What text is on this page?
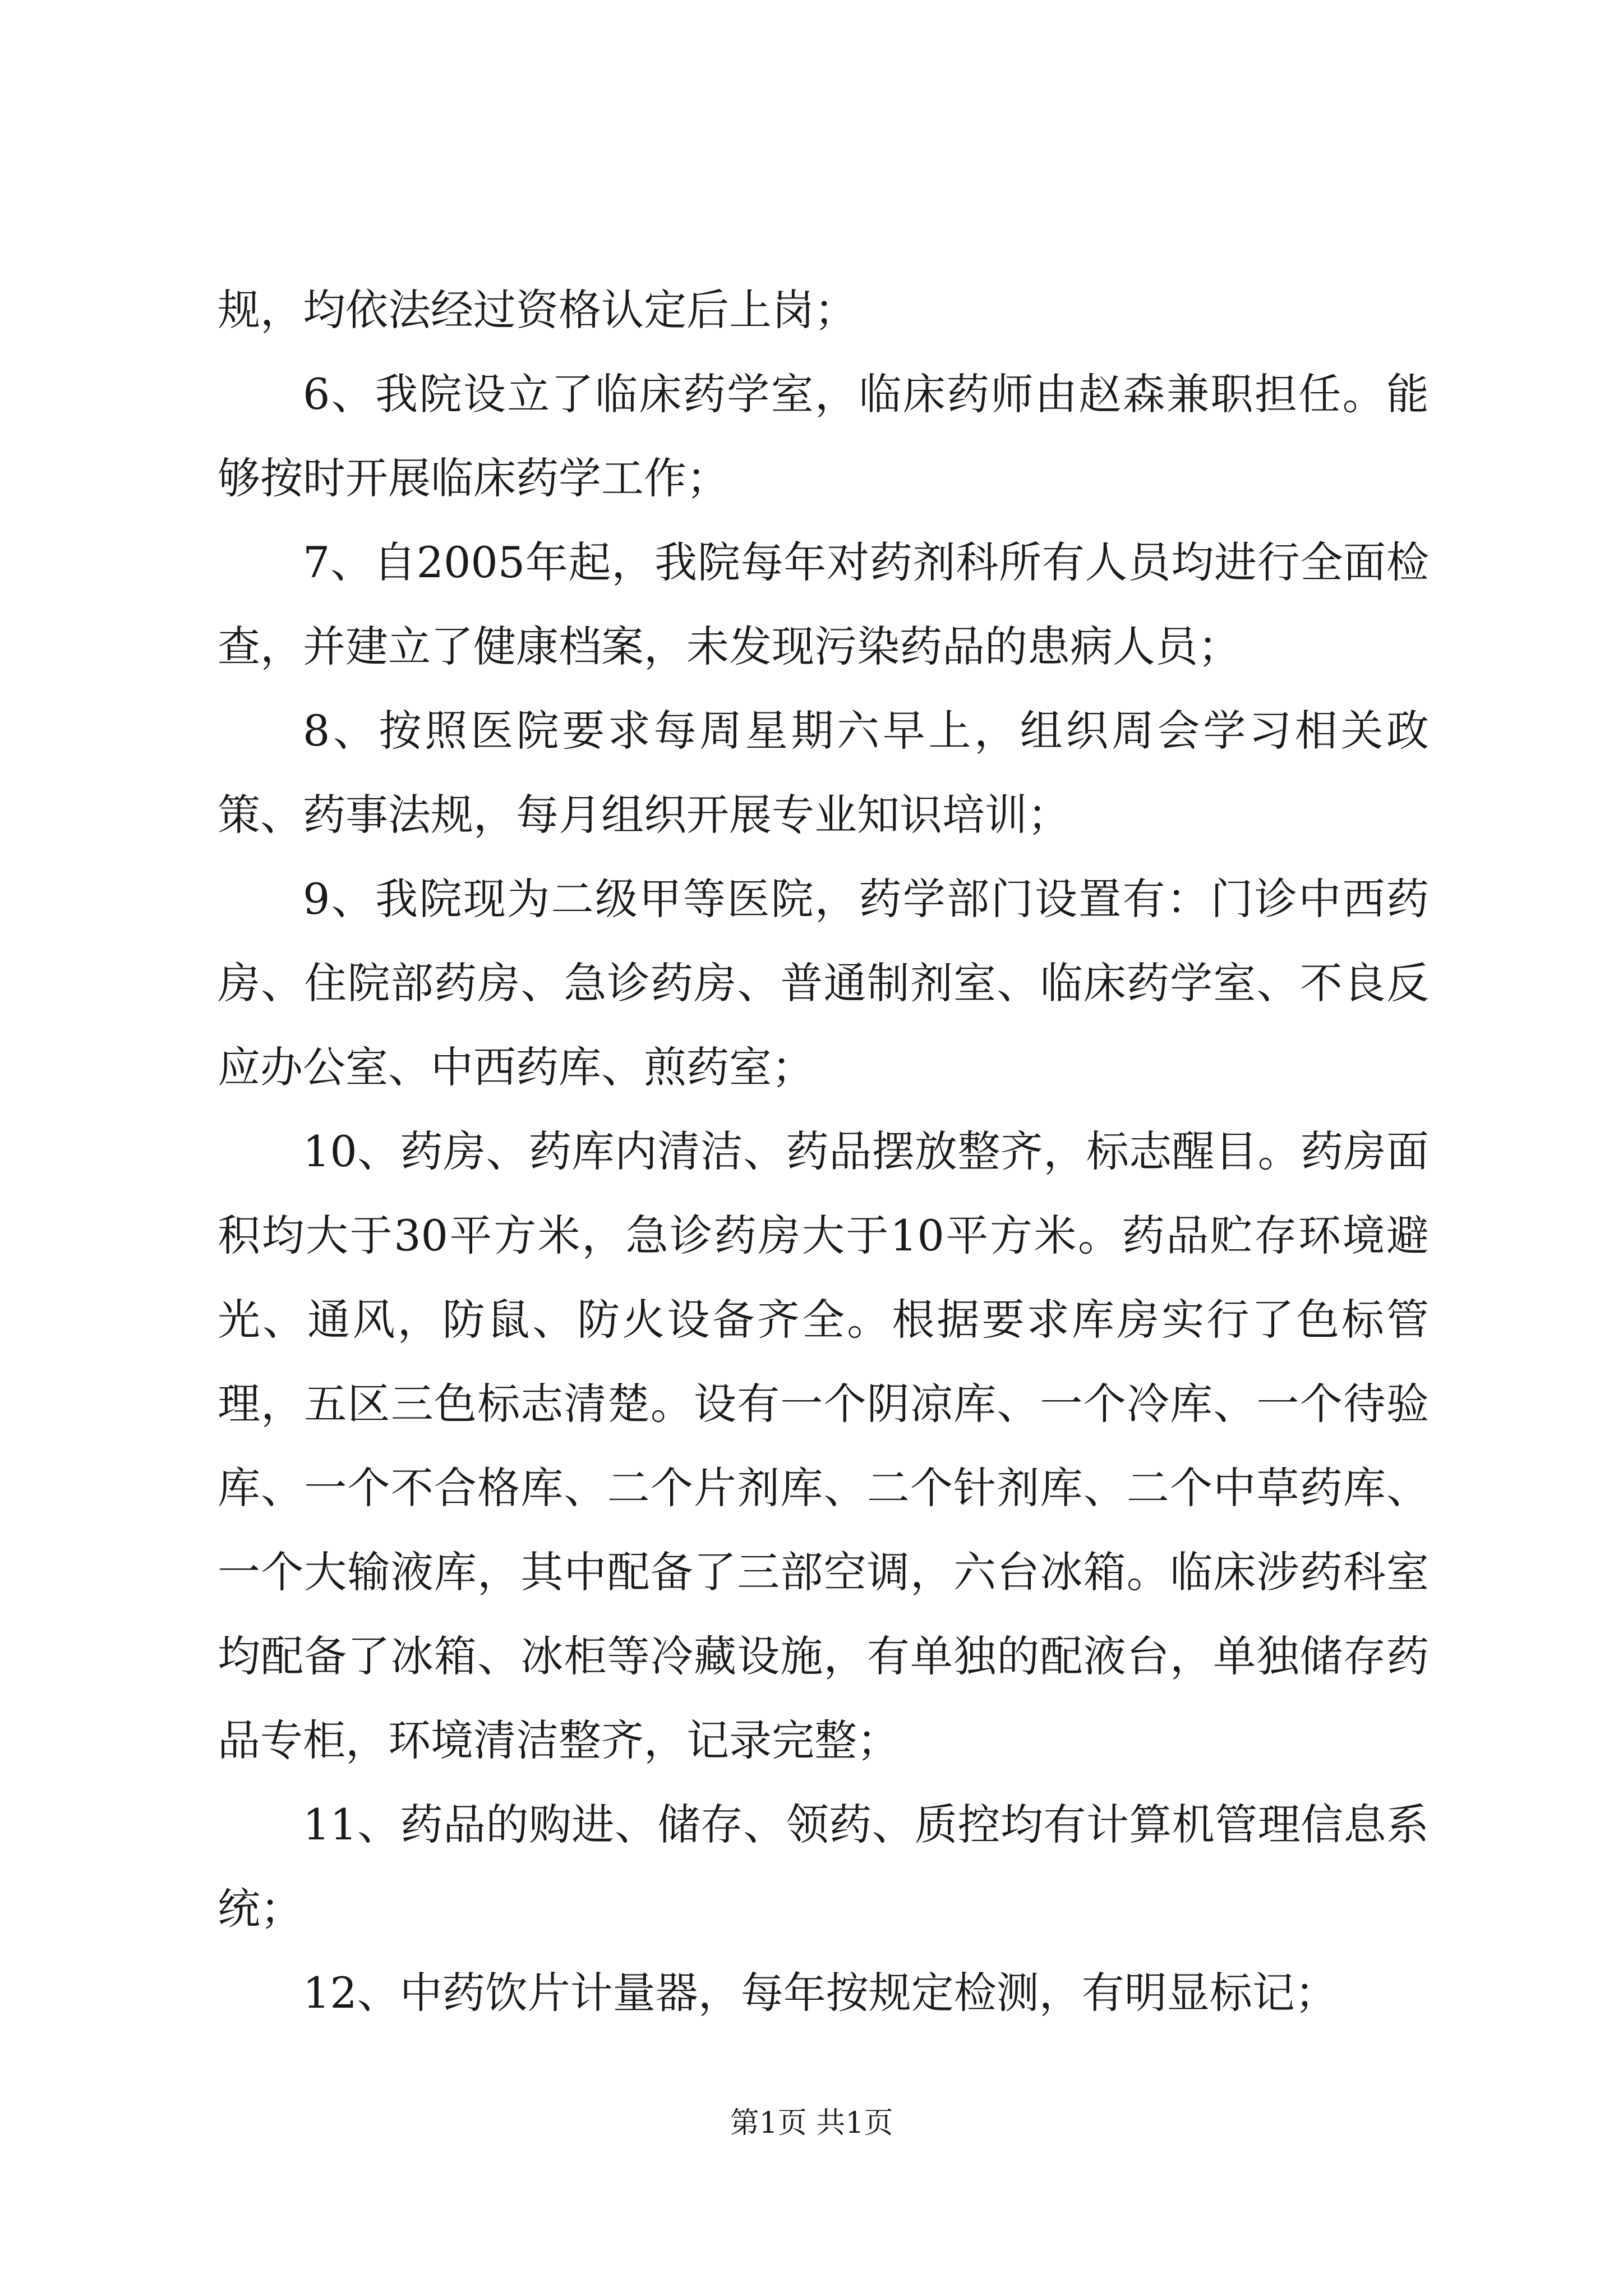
规，均依法经过资格认定后上岗；

6、我院设立了临床药学室，临床药师由赵森兼职担任。能够按时开展临床药学工作；

7、自2005年起，我院每年对药剂科所有人员均进行全面检查，并建立了健康档案，未发现污染药品的患病人员；

8、按照医院要求每周星期六早上，组织周会学习相关政策、药事法规，每月组织开展专业知识培训；

9、我院现为二级甲等医院，药学部门设置有：门诊中西药房、住院部药房、急诊药房、普通制剂室、临床药学室、不良反应办公室、中西药库、煎药室；

10、药房、药库内清洁、药品摆放整齐，标志醒目。药房面积均大于30平方米，急诊药房大于10平方米。药品贮存环境避光、通风，防鼠、防火设备齐全。根据要求库房实行了色标管理，五区三色标志清楚。设有一个阴凉库、一个冷库、一个待验库、一个不合格库、二个片剂库、二个针剂库、二个中草药库、一个大输液库，其中配备了三部空调，六台冰箱。临床涉药科室均配备了冰箱、冰柜等冷藏设施，有单独的配液台，单独储存药品专柜，环境清洁整齐，记录完整；

11、药品的购进、储存、领药、质控均有计算机管理信息系统；

12、中药饮片计量器，每年按规定检测，有明显标记；

第1页 共1页
